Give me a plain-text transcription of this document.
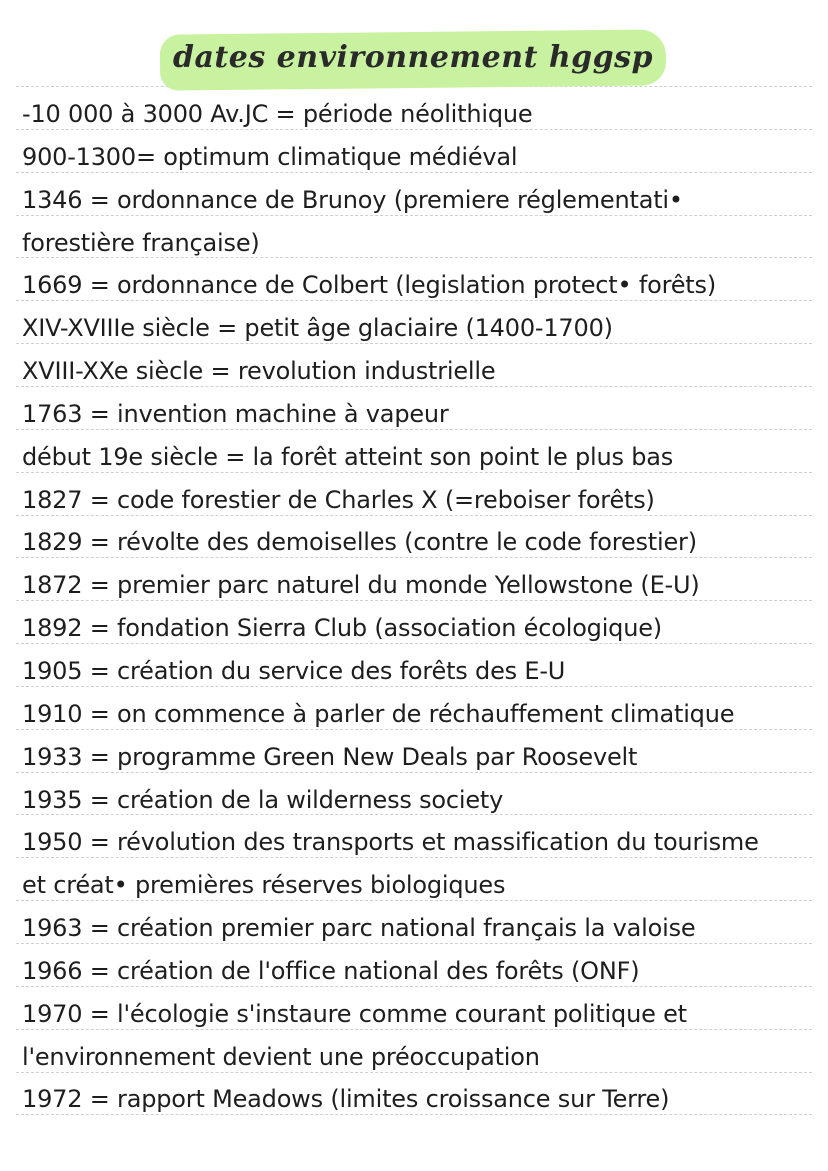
dates environnement hggsp
-10 000 à 3000 Av.JC = période néolithique
900-1300= optimum climatique médiéval
1346 = ordonnance de Brunoy (premiere réglementati•
forestière française)
1669 = ordonnance de Colbert (legislation protect• forêts)
XIV-XVIIIe siècle = petit âge glaciaire (1400-1700)
XVIII-XXe siècle = revolution industrielle
1763 = invention machine à vapeur
début 19e siècle = la forêt atteint son point le plus bas
1827 = code forestier de Charles X (=reboiser forêts)
1829 = révolte des demoiselles (contre le code forestier)
1872 = premier parc naturel du monde Yellowstone (E-U)
1892 = fondation Sierra Club (association écologique)
1905 = création du service des forêts des E-U
1910 = on commence à parler de réchauffement climatique
1933 = programme Green New Deals par Roosevelt
1935 = création de la wilderness society
1950 = révolution des transports et massification du tourisme
et créat• premières réserves biologiques
1963 = création premier parc national français la valoise
1966 = création de l'office national des forêts (ONF)
1970 = l'écologie s'instaure comme courant politique et
l'environnement devient une préoccupation
1972 = rapport Meadows (limites croissance sur Terre)
